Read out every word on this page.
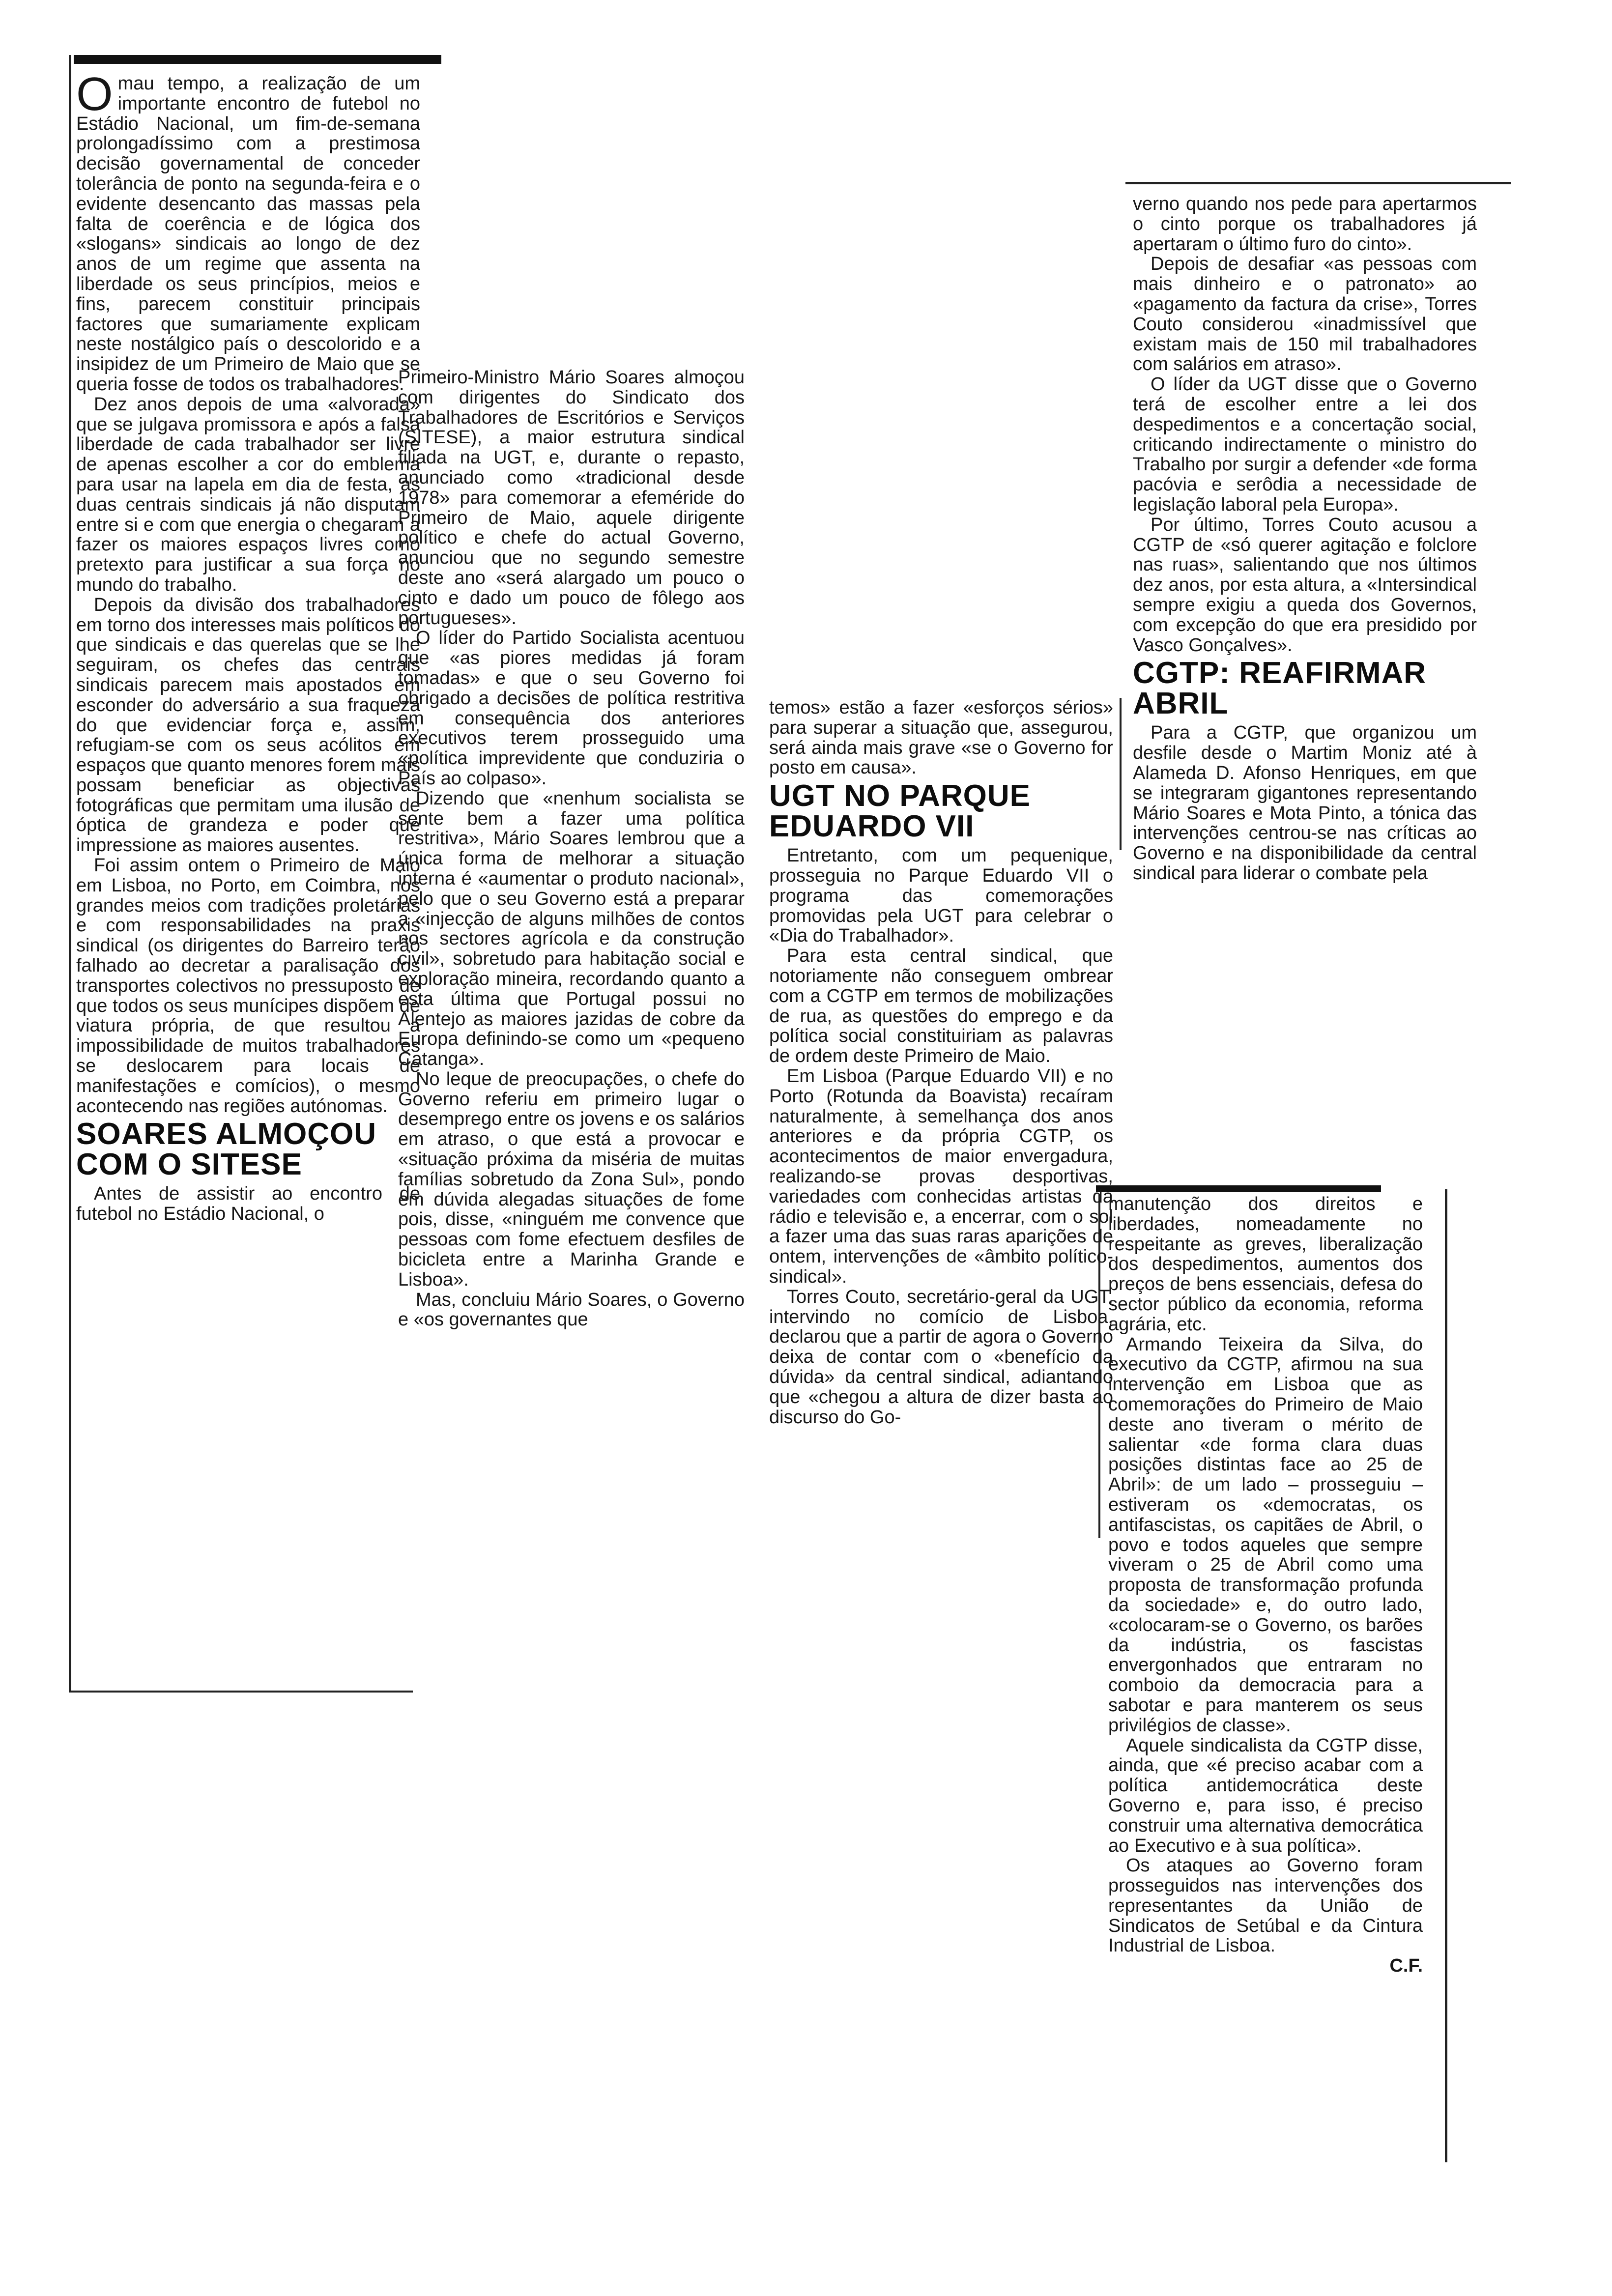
Omau tempo, a realização de um importante encontro de futebol no Estádio Nacional, um fim-de-semana prolongadíssimo com a prestimosa decisão governamental de conceder tolerância de ponto na segunda-feira e o evidente desencanto das massas pela falta de coerência e de lógica dos «slogans» sindicais ao longo de dez anos de um regime que assenta na liberdade os seus princípios, meios e fins, parecem constituir principais factores que sumariamente explicam neste nostálgico país o descolorido e a insipidez de um Primeiro de Maio que se queria fosse de todos os trabalhadores.

Dez anos depois de uma «alvorada» que se julgava promissora e após a falsa liberdade de cada trabalhador ser livre de apenas escolher a cor do emblema para usar na lapela em dia de festa, as duas centrais sindicais já não disputam entre si e com que energia o chegaram a fazer os maiores espaços livres como pretexto para justificar a sua força no mundo do trabalho.

Depois da divisão dos trabalhadores em torno dos interesses mais políticos do que sindicais e das querelas que se lhe seguiram, os chefes das centrais sindicais parecem mais apostados em esconder do adversário a sua fraqueza do que evidenciar força e, assim, refugiam-se com os seus acólitos em espaços que quanto menores forem mais possam beneficiar as objectivas fotográficas que permitam uma ilusão de óptica de grandeza e poder que impressione as maiores ausentes.

Foi assim ontem o Primeiro de Maio em Lisboa, no Porto, em Coimbra, nos grandes meios com tradições proletárias e com responsabilidades na praxis sindical (os dirigentes do Barreiro terão falhado ao decretar a paralisação dos transportes colectivos no pressuposto de que todos os seus munícipes dispõem de viatura própria, de que resultou a impossibilidade de muitos trabalhadores se deslocarem para locais de manifestações e comícios), o mesmo acontecendo nas regiões autónomas.

SOARES ALMOÇOU COM O SITESE

Antes de assistir ao encontro de futebol no Estádio Nacional, o

Primeiro-Ministro Mário Soares almoçou com dirigentes do Sindicato dos Trabalhadores de Escritórios e Serviços (SITESE), a maior estrutura sindical filiada na UGT, e, durante o repasto, anunciado como «tradicional desde 1978» para comemorar a efeméride do Primeiro de Maio, aquele dirigente político e chefe do actual Governo, anunciou que no segundo semestre deste ano «será alargado um pouco o cinto e dado um pouco de fôlego aos portugueses».

O líder do Partido Socialista acentuou que «as piores medidas já foram tomadas» e que o seu Governo foi obrigado a decisões de política restritiva em consequência dos anteriores executivos terem prosseguido uma «política imprevidente que conduziria o País ao colpaso».

Dizendo que «nenhum socialista se sente bem a fazer uma política restritiva», Mário Soares lembrou que a única forma de melhorar a situação interna é «aumentar o produto nacional», pelo que o seu Governo está a preparar a «injecção de alguns milhões de contos nos sectores agrícola e da construção civil», sobretudo para habitação social e exploração mineira, recordando quanto a esta última que Portugal possui no Alentejo as maiores jazidas de cobre da Europa definindo-se como um «pequeno Catanga».

No leque de preocupações, o chefe do Governo referiu em primeiro lugar o desemprego entre os jovens e os salários em atraso, o que está a provocar e «situação próxima da miséria de muitas famílias sobretudo da Zona Sul», pondo em dúvida alegadas situações de fome pois, disse, «ninguém me convence que pessoas com fome efectuem desfiles de bicicleta entre a Marinha Grande e Lisboa».

Mas, concluiu Mário Soares, o Governo e «os governantes que

temos» estão a fazer «esforços sérios» para superar a situação que, assegurou, será ainda mais grave «se o Governo for posto em causa».

UGT NO PARQUE EDUARDO VII

Entretanto, com um pequenique, prosseguia no Parque Eduardo VII o programa das comemorações promovidas pela UGT para celebrar o «Dia do Trabalhador».

Para esta central sindical, que notoriamente não conseguem ombrear com a CGTP em termos de mobilizações de rua, as questões do emprego e da política social constituiriam as palavras de ordem deste Primeiro de Maio.

Em Lisboa (Parque Eduardo VII) e no Porto (Rotunda da Boavista) recaíram naturalmente, à semelhança dos anos anteriores e da própria CGTP, os acontecimentos de maior envergadura, realizando-se provas desportivas, variedades com conhecidas artistas da rádio e televisão e, a encerrar, com o sol a fazer uma das suas raras aparições de ontem, intervenções de «âmbito político-sindical».

Torres Couto, secretário-geral da UGT, intervindo no comício de Lisboa, declarou que a partir de agora o Governo deixa de contar com o «benefício da dúvida» da central sindical, adiantando que «chegou a altura de dizer basta ao discurso do Go-

verno quando nos pede para apertarmos o cinto porque os trabalhadores já apertaram o último furo do cinto».

Depois de desafiar «as pessoas com mais dinheiro e o patronato» ao «pagamento da factura da crise», Torres Couto considerou «inadmissível que existam mais de 150 mil trabalhadores com salários em atraso».

O líder da UGT disse que o Governo terá de escolher entre a lei dos despedimentos e a concertação social, criticando indirectamente o ministro do Trabalho por surgir a defender «de forma pacóvia e serôdia a necessidade de legislação laboral pela Europa».

Por último, Torres Couto acusou a CGTP de «só querer agitação e folclore nas ruas», salientando que nos últimos dez anos, por esta altura, a «Intersindical sempre exigiu a queda dos Governos, com excepção do que era presidido por Vasco Gonçalves».

CGTP: REAFIRMAR ABRIL

Para a CGTP, que organizou um desfile desde o Martim Moniz até à Alameda D. Afonso Henriques, em que se integraram gigantones representando Mário Soares e Mota Pinto, a tónica das intervenções centrou-se nas críticas ao Governo e na disponibilidade da central sindical para liderar o combate pela

manutenção dos direitos e liberdades, nomeadamente no respeitante as greves, liberalização dos despedimentos, aumentos dos preços de bens essenciais, defesa do sector público da economia, reforma agrária, etc.

Armando Teixeira da Silva, do executivo da CGTP, afirmou na sua intervenção em Lisboa que as comemorações do Primeiro de Maio deste ano tiveram o mérito de salientar «de forma clara duas posições distintas face ao 25 de Abril»: de um lado – prosseguiu – estiveram os «democratas, os antifascistas, os capitães de Abril, o povo e todos aqueles que sempre viveram o 25 de Abril como uma proposta de transformação profunda da sociedade» e, do outro lado, «colocaram-se o Governo, os barões da indústria, os fascistas envergonhados que entraram no comboio da democracia para a sabotar e para manterem os seus privilégios de classe».

Aquele sindicalista da CGTP disse, ainda, que «é preciso acabar com a política antidemocrática deste Governo e, para isso, é preciso construir uma alternativa democrática ao Executivo e à sua política».

Os ataques ao Governo foram prosseguidos nas intervenções dos representantes da União de Sindicatos de Setúbal e da Cintura Industrial de Lisboa.

C.F.
